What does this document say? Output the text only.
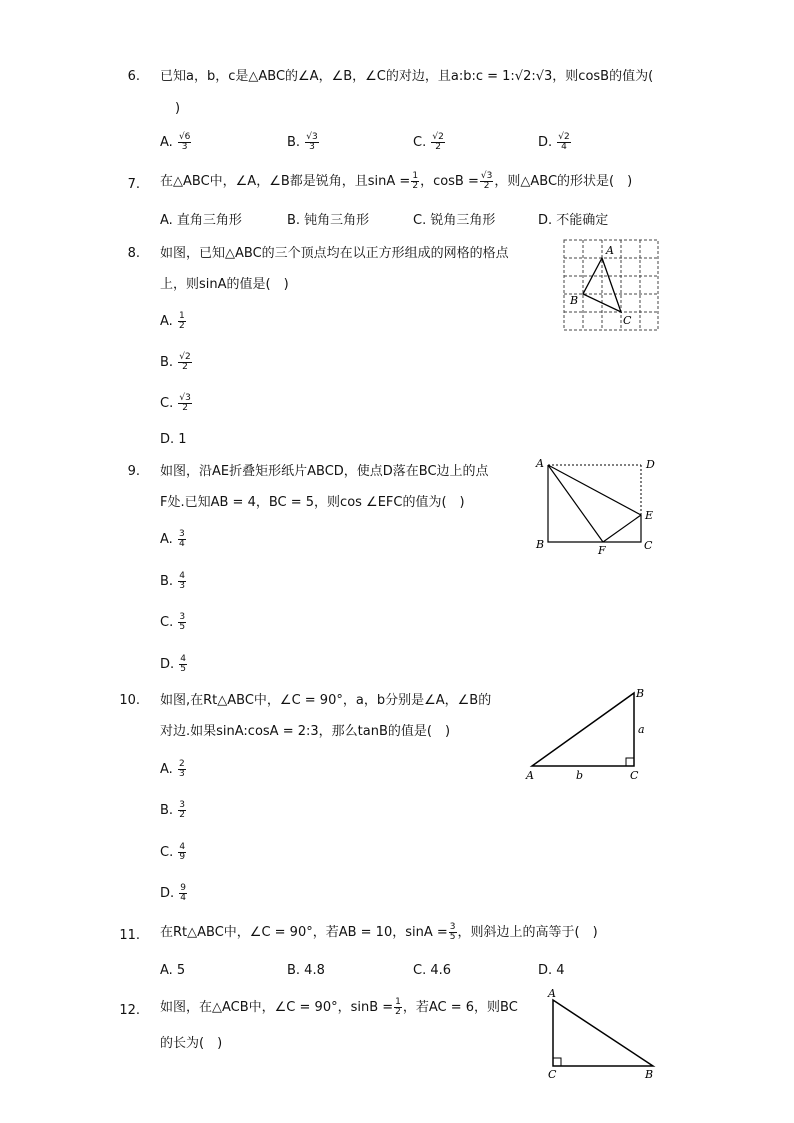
6. 已知a，b，c是△ABC的∠A，∠B，∠C的对边，且a:b:c = 1:√2:√3，则cosB的值为(
)
A. $\frac{√6}{3}$	B. $\frac{√3}{3}$	C. $\frac{√2}{2}$	D. $\frac{√2}{4}$
7. 在△ABC中，∠A，∠B都是锐角，且$\sin A = \frac{1}{2}$ ，$\cos B = \frac{√3}{2}$ ，则△ABC的形状是(　)
A. 直角三角形	B. 钝角三角形	C. 锐角三角形	D. 不能确定
8. 如图，已知△ABC的三个顶点均在以正方形组成的网格的格点
上，则sinA的值是(　)
A. $\frac{1}{2}$
B. $\frac{√2}{2}$
C. $\frac{√3}{2}$
D. 1
A
B
C
9. 如图，沿AE折叠矩形纸片ABCD，使点D落在BC边上的点
F处.已知AB = 4，BC = 5，则cos ∠EFC的值为(　)
A. $\frac{3}{4}$
B. $\frac{4}{3}$
C. $\frac{3}{5}$
D. $\frac{4}{5}$
A	D
E
B	F	C
10. 如图,在Rt△ABC中，∠C = 90°，a，b分别是∠A，∠B的
对边.如果sinA:cosA = 2:3，那么tanB的值是(　)
A. $\frac{2}{3}$
B. $\frac{3}{2}$
C. $\frac{4}{9}$
D. $\frac{9}{4}$
B
a
A	b	C
11. 在Rt△ABC中，∠C = 90°，若AB = 10，$\sin A = \frac{3}{5}$ ，则斜边上的高等于(　)
A. 5	B. 4.8	C. 4.6	D. 4
12. 如图，在△ACB中，∠C = 90°，$\sin B = \frac{1}{2}$ ，若AC = 6，则BC
的长为(　)
A
C	B
